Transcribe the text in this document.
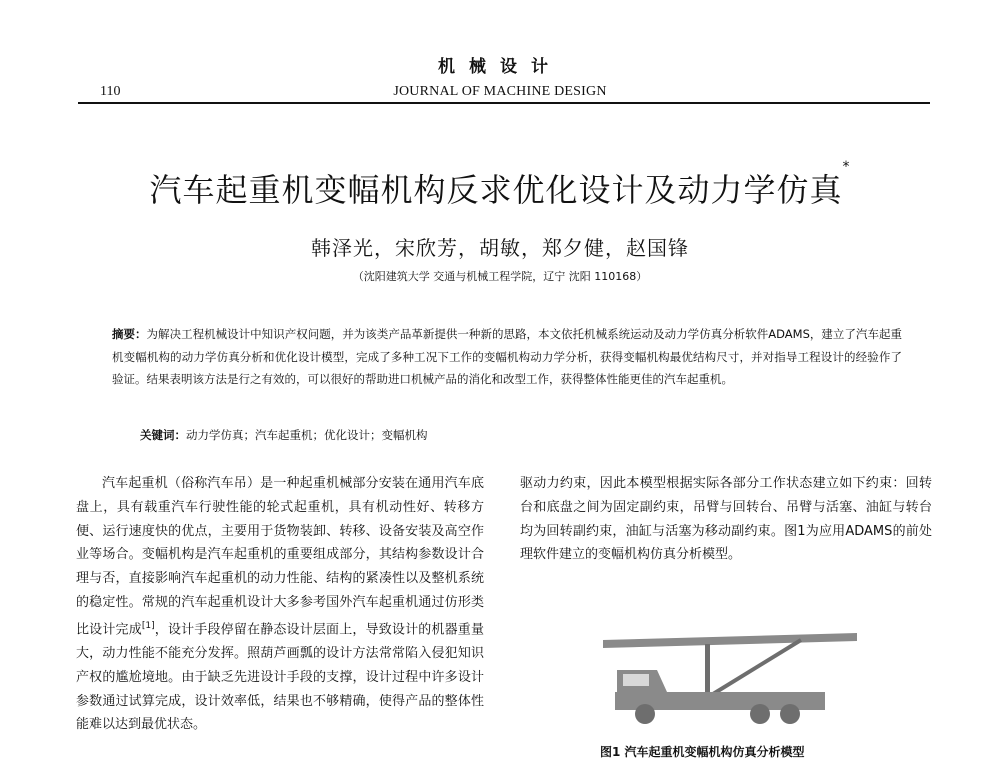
机械设计
110	JOURNAL OF MACHINE DESIGN
汽车起重机变幅机构反求优化设计及动力学仿真*
韩泽光，宋欣芳，胡敏，郑夕健，赵国锋
（沈阳建筑大学 交通与机械工程学院，辽宁 沈阳 110168）
摘要：为解决工程机械设计中知识产权问题，并为该类产品革新提供一种新的思路，本文依托机械系统运动及动力学仿真分析软件ADAMS，建立了汽车起重机变幅机构的动力学仿真分析和优化设计模型，完成了多种工况下工作的变幅机构动力学分析，获得变幅机构最优结构尺寸，并对指导工程设计的经验作了验证。结果表明该方法是行之有效的，可以很好的帮助进口机械产品的消化和改型工作，获得整体性能更佳的汽车起重机。
关键词：动力学仿真；汽车起重机；优化设计；变幅机构
汽车起重机（俗称汽车吊）是一种起重机械部分安装在通用汽车底盘上，具有载重汽车行驶性能的轮式起重机，具有机动性好、转移方便、运行速度快的优点，主要用于货物装卸、转移、设备安装及高空作业等场合。变幅机构是汽车起重机的重要组成部分，其结构参数设计合理与否，直接影响汽车起重机的动力性能、结构的紧凑性以及整机系统的稳定性。常规的汽车起重机设计大多参考国外汽车起重机通过仿形类比设计完成[1]，设计手段停留在静态设计层面上，导致设计的机器重量大，动力性能不能充分发挥。照葫芦画瓢的设计方法常常陷入侵犯知识产权的尴尬境地。由于缺乏先进设计手段的支撑，设计过程中许多设计参数通过试算完成，设计效率低，结果也不够精确，使得产品的整体性能难以达到最优状态。
驱动力约束，因此本模型根据实际各部分工作状态建立如下约束：回转台和底盘之间为固定副约束，吊臂与回转台、吊臂与活塞、油缸与转台均为回转副约束，油缸与活塞为移动副约束。图1为应用ADAMS的前处理软件建立的变幅机构仿真分析模型。
图1 汽车起重机变幅机构仿真分析模型
